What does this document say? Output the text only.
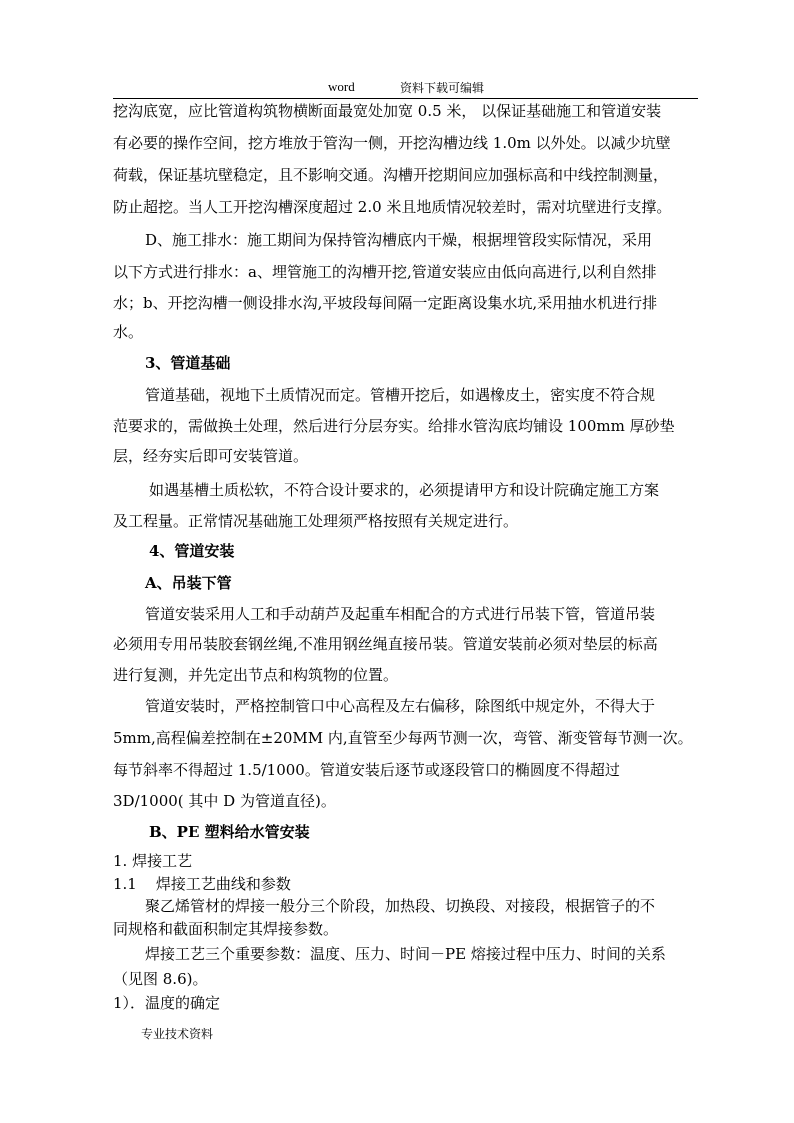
word	资料下载可编辑
挖沟底宽，应比管道构筑物横断面最宽处加宽 0.5 米， 以保证基础施工和管道安装
有必要的操作空间，挖方堆放于管沟一侧，开挖沟槽边线 1.0m 以外处。以减少坑壁
荷载，保证基坑壁稳定，且不影响交通。沟槽开挖期间应加强标高和中线控制测量，
防止超挖。当人工开挖沟槽深度超过 2.0 米且地质情况较差时，需对坑壁进行支撑。
D、施工排水：施工期间为保持管沟槽底内干燥，根据埋管段实际情况，采用
以下方式进行排水：a、埋管施工的沟槽开挖,管道安装应由低向高进行,以利自然排
水；b、开挖沟槽一侧设排水沟,平坡段每间隔一定距离设集水坑,采用抽水机进行排
水。
3、管道基础
管道基础，视地下土质情况而定。管槽开挖后，如遇橡皮土，密实度不符合规
范要求的，需做换土处理，然后进行分层夯实。给排水管沟底均铺设 100mm 厚砂垫
层，经夯实后即可安装管道。
如遇基槽土质松软，不符合设计要求的，必须提请甲方和设计院确定施工方案
及工程量。正常情况基础施工处理须严格按照有关规定进行。
4、管道安装
A、吊装下管
管道安装采用人工和手动葫芦及起重车相配合的方式进行吊装下管，管道吊装
必须用专用吊装胶套钢丝绳,不准用钢丝绳直接吊装。管道安装前必须对垫层的标高
进行复测，并先定出节点和构筑物的位置。
管道安装时，严格控制管口中心高程及左右偏移，除图纸中规定外，不得大于
5mm,高程偏差控制在±20MM 内,直管至少每两节测一次，弯管、渐变管每节测一次。
每节斜率不得超过 1.5/1000。管道安装后逐节或逐段管口的椭圆度不得超过
3D/1000( 其中 D 为管道直径)。
B、PE 塑料给水管安装
1. 焊接工艺
1.1    焊接工艺曲线和参数
聚乙烯管材的焊接一般分三个阶段，加热段、切换段、对接段，根据管子的不
同规格和截面积制定其焊接参数。
焊接工艺三个重要参数：温度、压力、时间－PE 熔接过程中压力、时间的关系
（见图 8.6)。
1）．温度的确定
专业技术资料
